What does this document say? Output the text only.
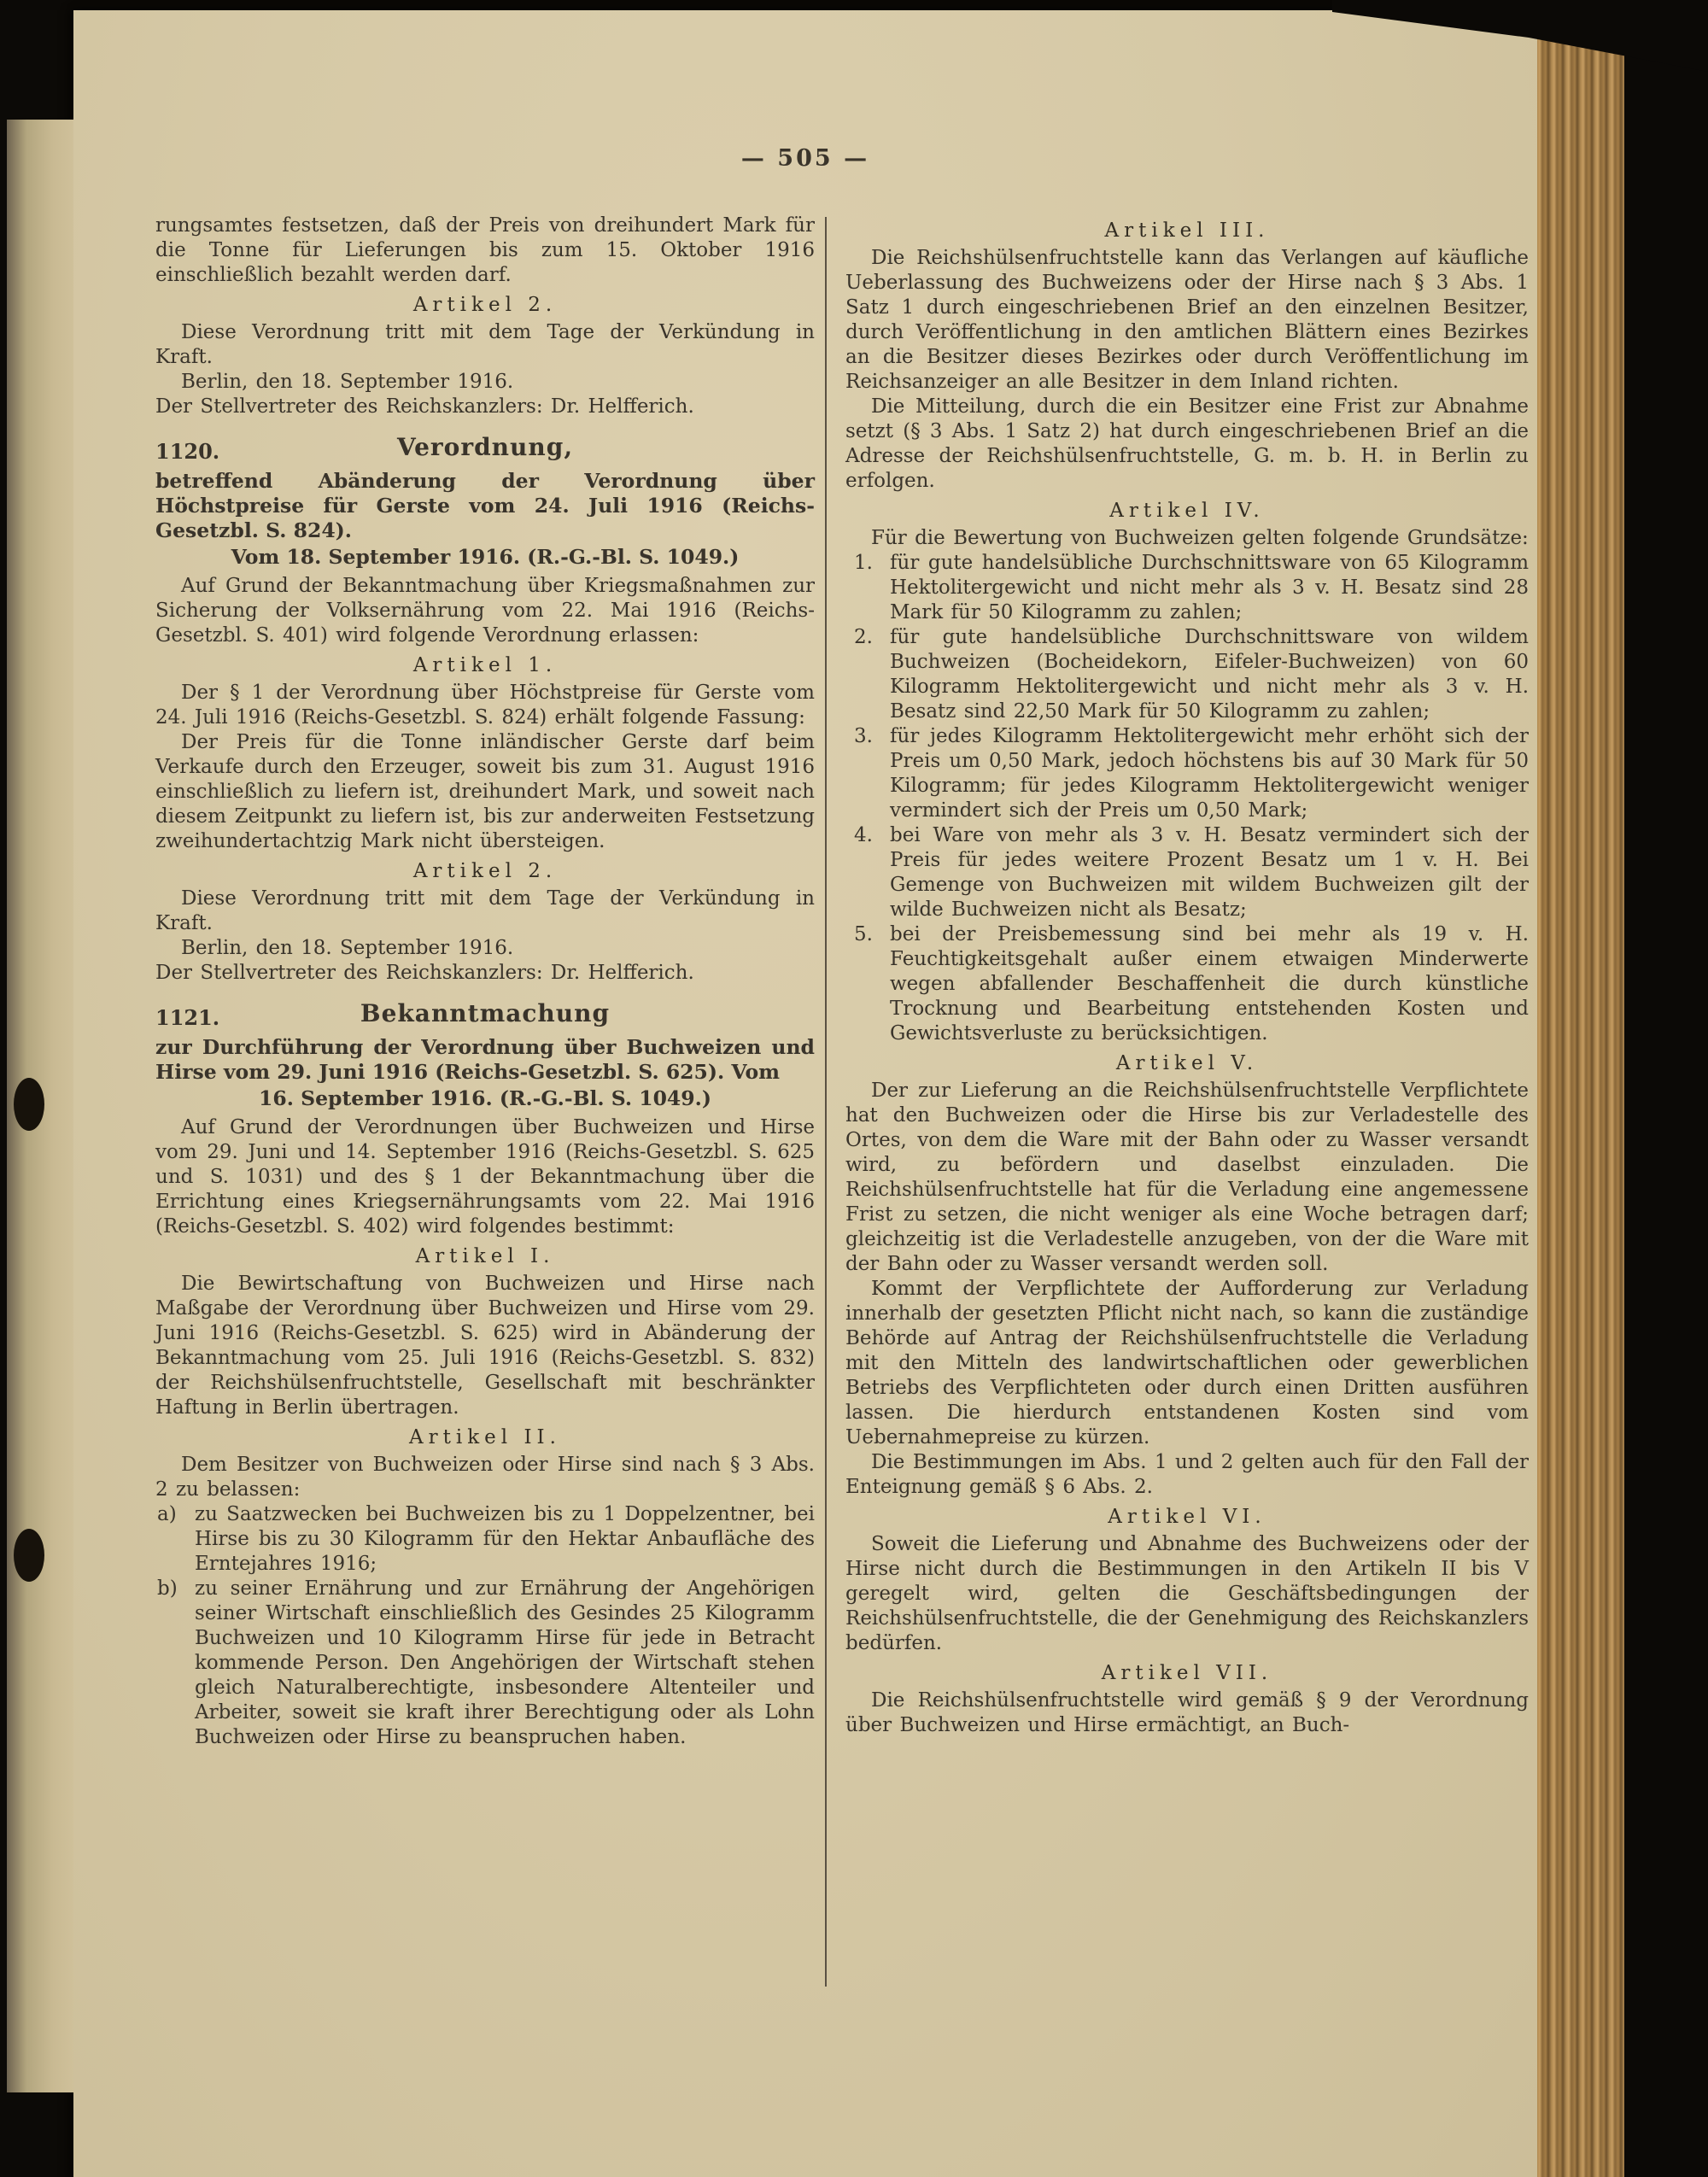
— 505 —

rungsamtes festsetzen, daß der Preis von dreihundert Mark für die Tonne für Lieferungen bis zum 15. Oktober 1916 einschließlich bezahlt werden darf.

Artikel 2.

Diese Verordnung tritt mit dem Tage der Verkündung in Kraft.

Berlin, den 18. September 1916.

Der Stellvertreter des Reichskanzlers: Dr. Helfferich.

1120.	Verordnung,

betreffend Abänderung der Verordnung über Höchstpreise für Gerste vom 24. Juli 1916 (Reichs-Gesetzbl. S. 824).

Vom 18. September 1916. (R.-G.-Bl. S. 1049.)

Auf Grund der Bekanntmachung über Kriegsmaßnahmen zur Sicherung der Volksernährung vom 22. Mai 1916 (Reichs-Gesetzbl. S. 401) wird folgende Verordnung erlassen:

Artikel 1.

Der § 1 der Verordnung über Höchstpreise für Gerste vom 24. Juli 1916 (Reichs-Gesetzbl. S. 824) erhält folgende Fassung:

Der Preis für die Tonne inländischer Gerste darf beim Verkaufe durch den Erzeuger, soweit bis zum 31. August 1916 einschließlich zu liefern ist, dreihundert Mark, und soweit nach diesem Zeitpunkt zu liefern ist, bis zur anderweiten Festsetzung zweihundertachtzig Mark nicht übersteigen.

Artikel 2.

Diese Verordnung tritt mit dem Tage der Verkündung in Kraft.

Berlin, den 18. September 1916.

Der Stellvertreter des Reichskanzlers: Dr. Helfferich.

1121.	Bekanntmachung

zur Durchführung der Verordnung über Buchweizen und Hirse vom 29. Juni 1916 (Reichs-Gesetzbl. S. 625). Vom

16. September 1916. (R.-G.-Bl. S. 1049.)

Auf Grund der Verordnungen über Buchweizen und Hirse vom 29. Juni und 14. September 1916 (Reichs-Gesetzbl. S. 625 und S. 1031) und des § 1 der Bekanntmachung über die Errichtung eines Kriegsernährungsamts vom 22. Mai 1916 (Reichs-Gesetzbl. S. 402) wird folgendes bestimmt:

Artikel I.

Die Bewirtschaftung von Buchweizen und Hirse nach Maßgabe der Verordnung über Buchweizen und Hirse vom 29. Juni 1916 (Reichs-Gesetzbl. S. 625) wird in Abänderung der Bekanntmachung vom 25. Juli 1916 (Reichs-Gesetzbl. S. 832) der Reichshülsenfruchtstelle, Gesellschaft mit beschränkter Haftung in Berlin übertragen.

Artikel II.

Dem Besitzer von Buchweizen oder Hirse sind nach § 3 Abs. 2 zu belassen:

a) zu Saatzwecken bei Buchweizen bis zu 1 Doppelzentner, bei Hirse bis zu 30 Kilogramm für den Hektar Anbaufläche des Erntejahres 1916;
b) zu seiner Ernährung und zur Ernährung der Angehörigen seiner Wirtschaft einschließlich des Gesindes 25 Kilogramm Buchweizen und 10 Kilogramm Hirse für jede in Betracht kommende Person. Den Angehörigen der Wirtschaft stehen gleich Naturalberechtigte, insbesondere Altenteiler und Arbeiter, soweit sie kraft ihrer Berechtigung oder als Lohn Buchweizen oder Hirse zu beanspruchen haben.
Artikel III.

Die Reichshülsenfruchtstelle kann das Verlangen auf käufliche Ueberlassung des Buchweizens oder der Hirse nach § 3 Abs. 1 Satz 1 durch eingeschriebenen Brief an den einzelnen Besitzer, durch Veröffentlichung in den amtlichen Blättern eines Bezirkes an die Besitzer dieses Bezirkes oder durch Veröffentlichung im Reichsanzeiger an alle Besitzer in dem Inland richten.

Die Mitteilung, durch die ein Besitzer eine Frist zur Abnahme setzt (§ 3 Abs. 1 Satz 2) hat durch eingeschriebenen Brief an die Adresse der Reichshülsenfruchtstelle, G. m. b. H. in Berlin zu erfolgen.

Artikel IV.

Für die Bewertung von Buchweizen gelten folgende Grundsätze:

1. für gute handelsübliche Durchschnittsware von 65 Kilogramm Hektolitergewicht und nicht mehr als 3 v. H. Besatz sind 28 Mark für 50 Kilogramm zu zahlen;
2. für gute handelsübliche Durchschnittsware von wildem Buchweizen (Bocheidekorn, Eifeler-Buchweizen) von 60 Kilogramm Hektolitergewicht und nicht mehr als 3 v. H. Besatz sind 22,50 Mark für 50 Kilogramm zu zahlen;
3. für jedes Kilogramm Hektolitergewicht mehr erhöht sich der Preis um 0,50 Mark, jedoch höchstens bis auf 30 Mark für 50 Kilogramm; für jedes Kilogramm Hektolitergewicht weniger vermindert sich der Preis um 0,50 Mark;
4. bei Ware von mehr als 3 v. H. Besatz vermindert sich der Preis für jedes weitere Prozent Besatz um 1 v. H. Bei Gemenge von Buchweizen mit wildem Buchweizen gilt der wilde Buchweizen nicht als Besatz;
5. bei der Preisbemessung sind bei mehr als 19 v. H. Feuchtigkeitsgehalt außer einem etwaigen Minderwerte wegen abfallender Beschaffenheit die durch künstliche Trocknung und Bearbeitung entstehenden Kosten und Gewichtsverluste zu berücksichtigen.
Artikel V.

Der zur Lieferung an die Reichshülsenfruchtstelle Verpflichtete hat den Buchweizen oder die Hirse bis zur Verladestelle des Ortes, von dem die Ware mit der Bahn oder zu Wasser versandt wird, zu befördern und daselbst einzuladen. Die Reichshülsenfruchtstelle hat für die Verladung eine angemessene Frist zu setzen, die nicht weniger als eine Woche betragen darf; gleichzeitig ist die Verladestelle anzugeben, von der die Ware mit der Bahn oder zu Wasser versandt werden soll.

Kommt der Verpflichtete der Aufforderung zur Verladung innerhalb der gesetzten Pflicht nicht nach, so kann die zuständige Behörde auf Antrag der Reichshülsenfruchtstelle die Verladung mit den Mitteln des landwirtschaftlichen oder gewerblichen Betriebs des Verpflichteten oder durch einen Dritten ausführen lassen. Die hierdurch entstandenen Kosten sind vom Uebernahmepreise zu kürzen.

Die Bestimmungen im Abs. 1 und 2 gelten auch für den Fall der Enteignung gemäß § 6 Abs. 2.

Artikel VI.

Soweit die Lieferung und Abnahme des Buchweizens oder der Hirse nicht durch die Bestimmungen in den Artikeln II bis V geregelt wird, gelten die Geschäftsbedingungen der Reichshülsenfruchtstelle, die der Genehmigung des Reichskanzlers bedürfen.

Artikel VII.

Die Reichshülsenfruchtstelle wird gemäß § 9 der Verordnung über Buchweizen und Hirse ermächtigt, an Buch-
